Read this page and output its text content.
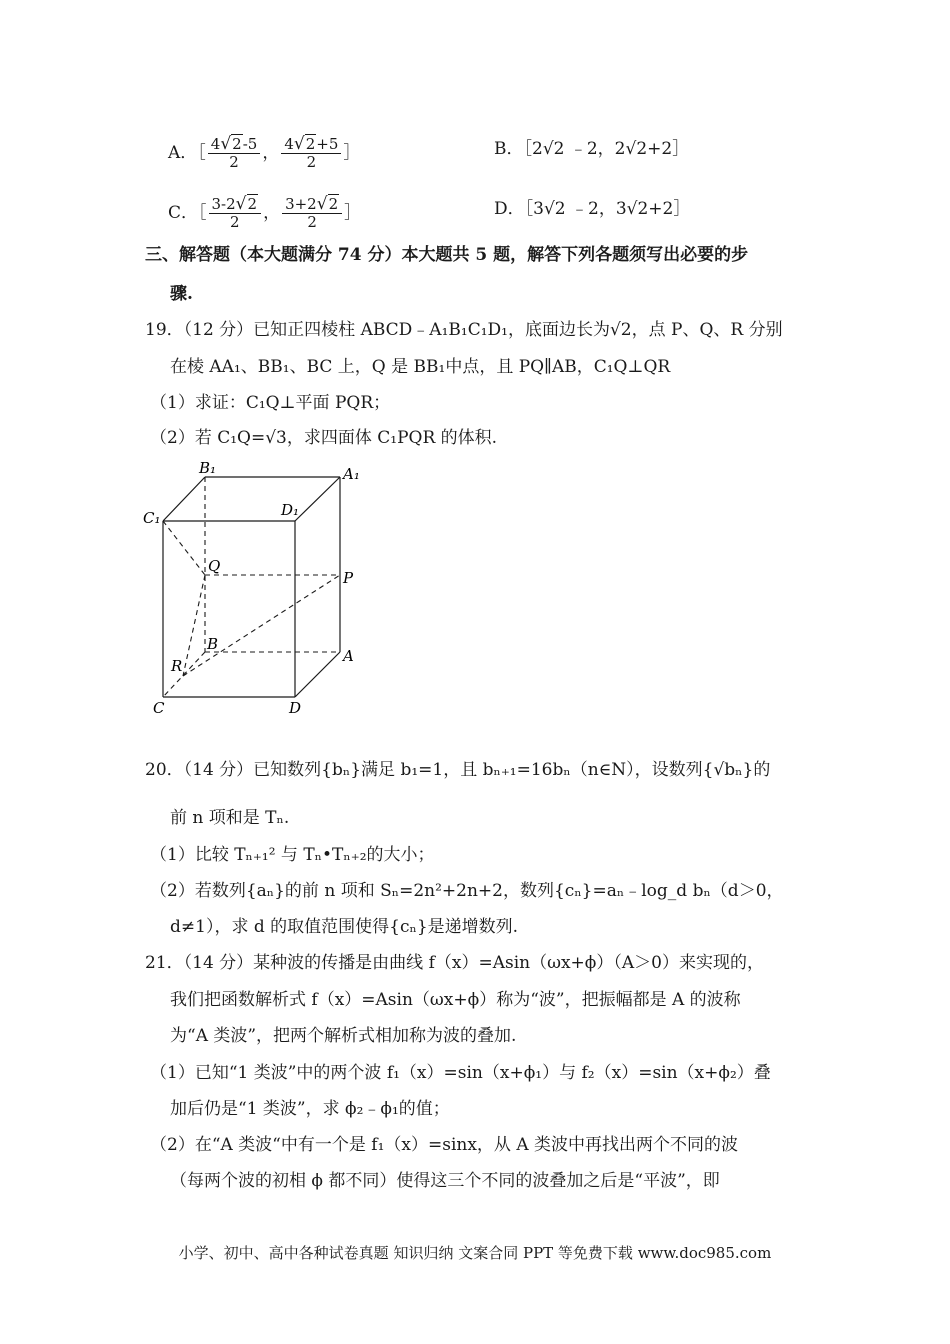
A．［ $\frac{4√2-5}{2}$ ， $\frac{4√2+5}{2}$ ］	B．［2√2 ﹣2，2√2+2］
C．［ $\frac{3-2√2}{2}$ ， $\frac{3+2√2}{2}$ ］	D．［3√2 ﹣2，3√2+2］
三、解答题（本大题满分 74 分）本大题共 5 题，解答下列各题须写出必要的步
骤.
19．（12 分）已知正四棱柱 ABCD﹣A₁B₁C₁D₁，底面边长为√2，点 P、Q、R 分别
在棱 AA₁、BB₁、BC 上，Q 是 BB₁中点，且 PQ∥AB，C₁Q⊥QR
（1）求证：C₁Q⊥平面 PQR；
（2）若 C₁Q=√3，求四面体 C₁PQR 的体积.
B₁	A₁
C₁	D₁
Q
P
B
A
R
C	D
20．（14 分）已知数列{bₙ}满足 b₁=1，且 bₙ₊₁=16bₙ（n∈N），设数列{√bₙ}的
前 n 项和是 Tₙ.
（1）比较 Tₙ₊₁² 与 Tₙ•Tₙ₊₂的大小；
（2）若数列{aₙ}的前 n 项和 Sₙ=2n²+2n+2，数列{cₙ}=aₙ﹣log_d bₙ（d＞0，
d≠1），求 d 的取值范围使得{cₙ}是递增数列.
21．（14 分）某种波的传播是由曲线 f（x）=Asin（ωx+ϕ）（A＞0）来实现的，
我们把函数解析式 f（x）=Asin（ωx+ϕ）称为“波”，把振幅都是 A 的波称
为“A 类波”，把两个解析式相加称为波的叠加.
（1）已知“1 类波”中的两个波 f₁（x）=sin（x+ϕ₁）与 f₂（x）=sin（x+ϕ₂）叠
加后仍是“1 类波”，求 ϕ₂﹣ϕ₁的值；
（2）在“A 类波“中有一个是 f₁（x）=sinx，从 A 类波中再找出两个不同的波
（每两个波的初相 ϕ 都不同）使得这三个不同的波叠加之后是“平波”，即
小学、初中、高中各种试卷真题 知识归纳 文案合同 PPT 等免费下载 www.doc985.com
